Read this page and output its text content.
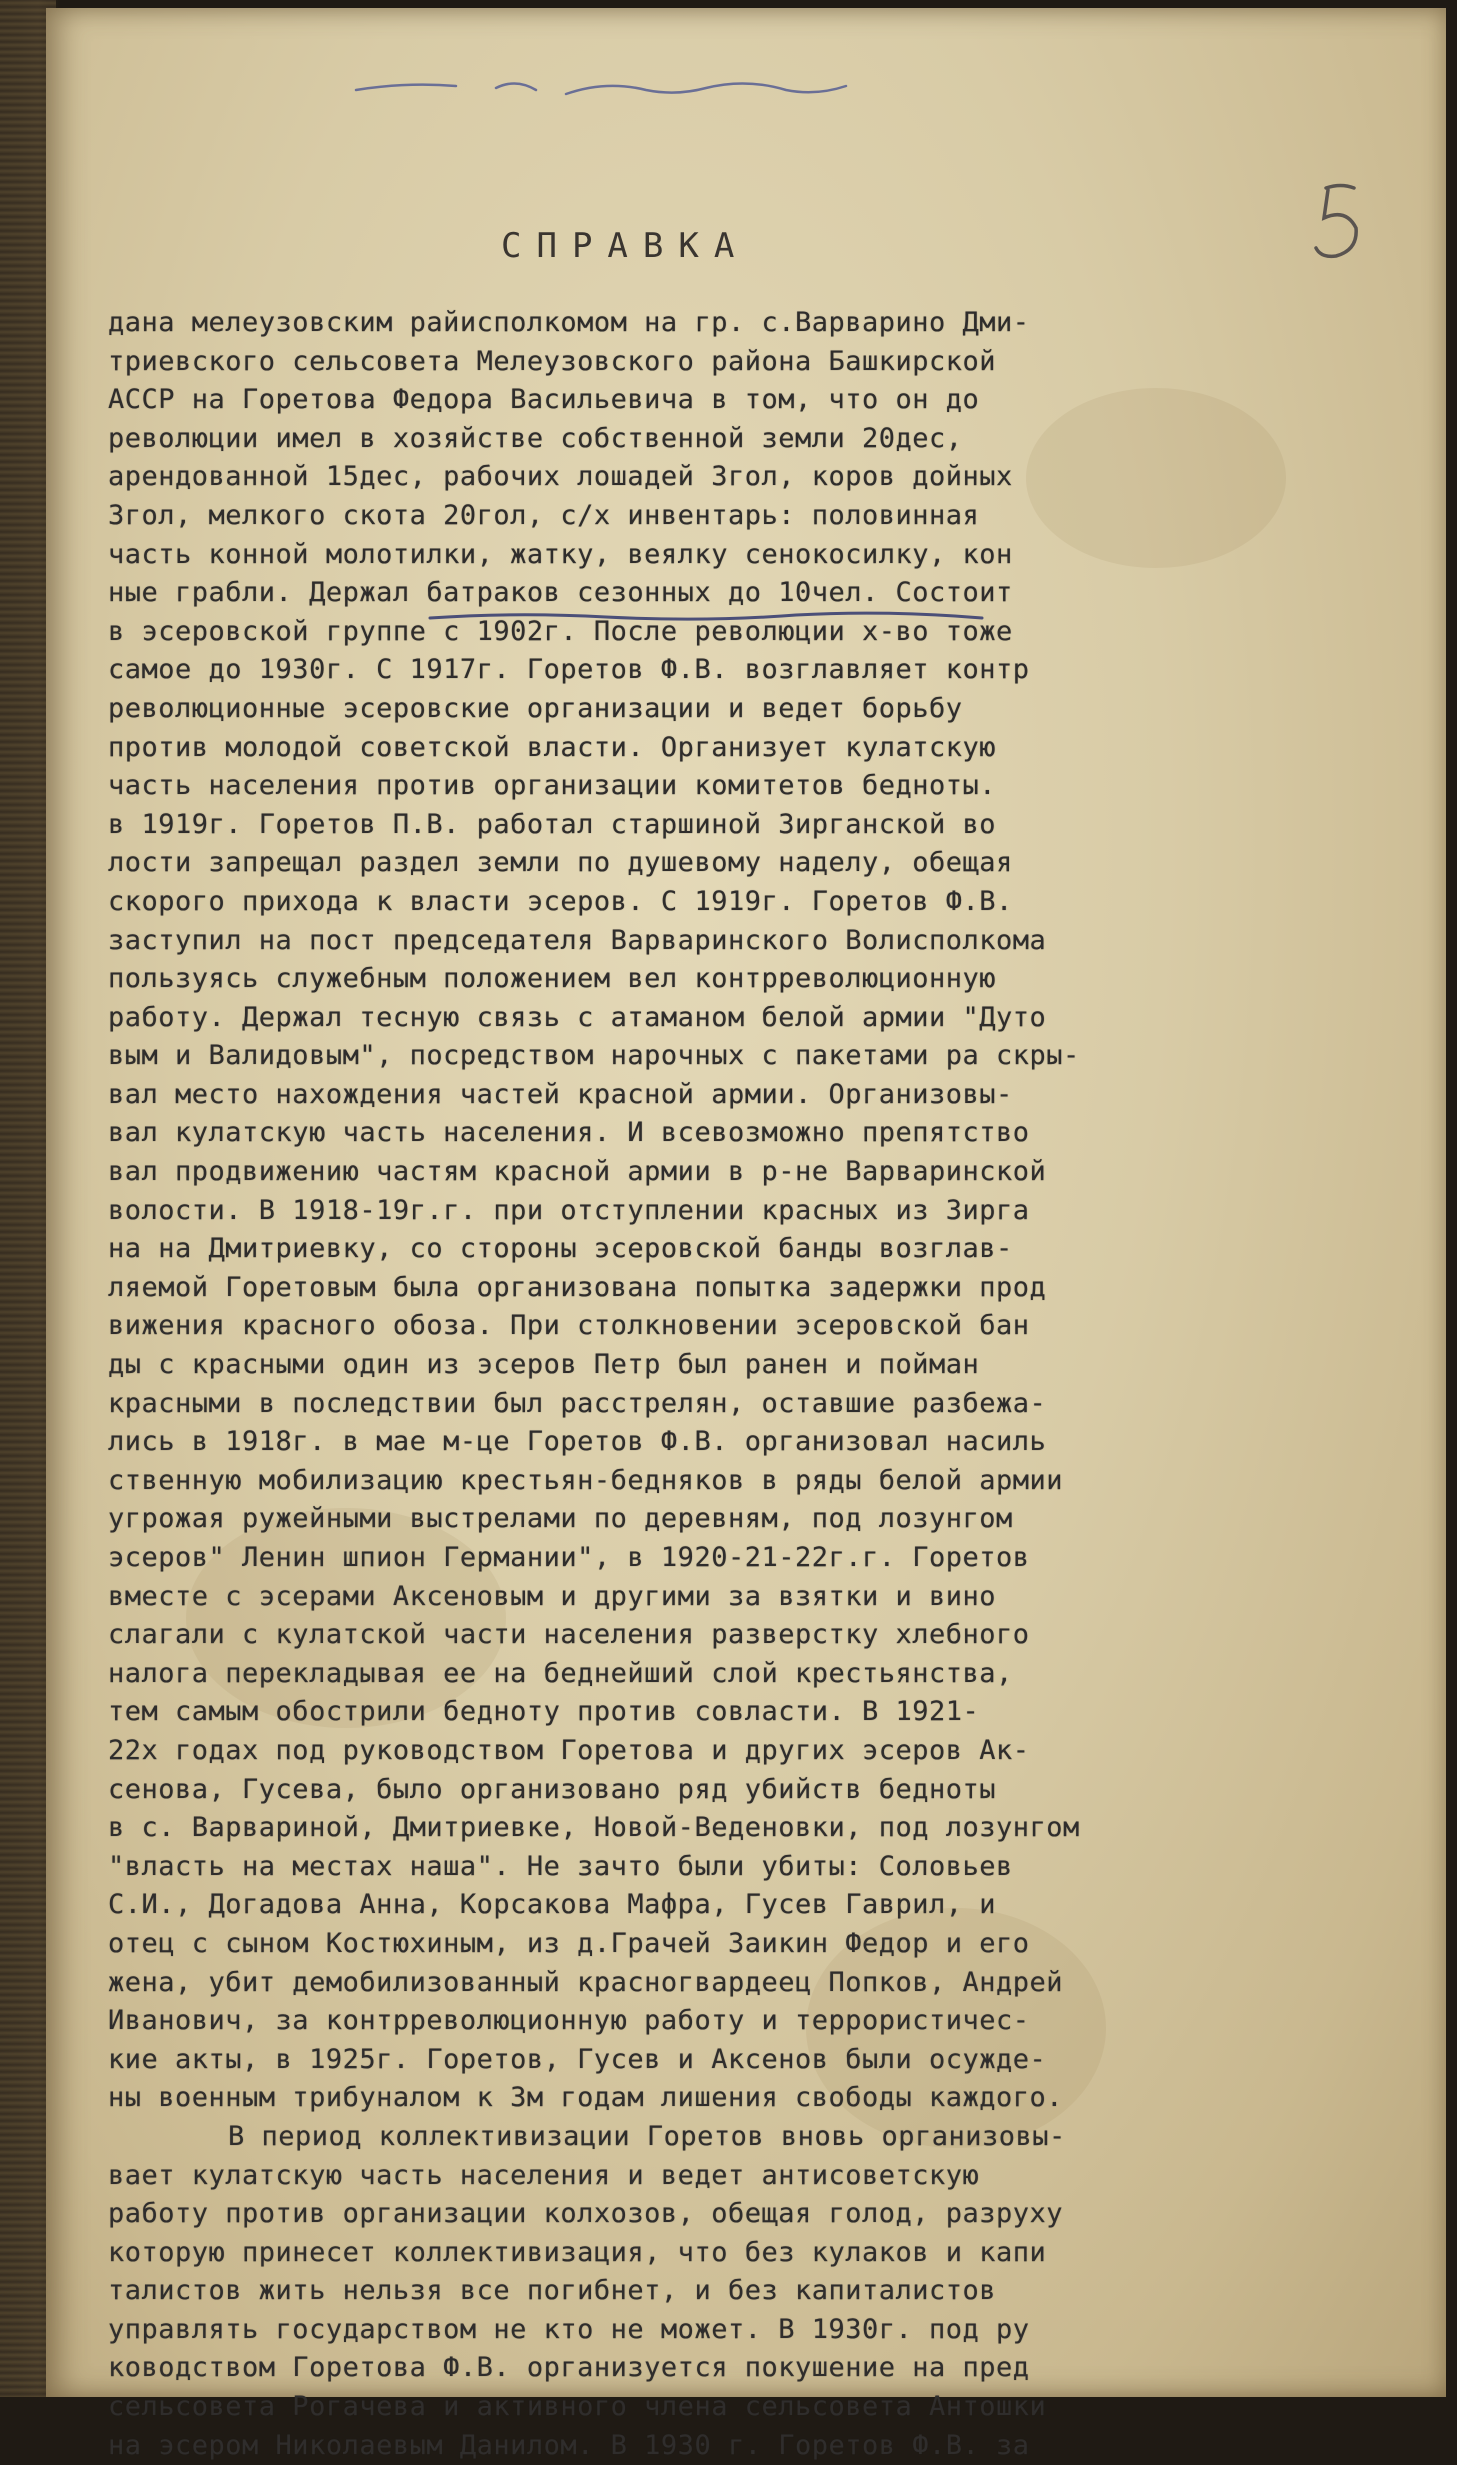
СПРАВКА
дана мелеузовским райисполкомом на гр. с.Варварино Дми-
триевского сельсовета Мелеузовского района Башкирской
АССР на Горетова Федора Васильевича в том, что он до
революции имел в хозяйстве собственной земли 20дес,
арендованной 15дес, рабочих лошадей 3гол, коров дойных
3гол, мелкого скота 20гол, с/х инвентарь: половинная
часть конной молотилки, жатку, веялку сенокосилку, кон
ные грабли. Держал батраков сезонных до 10чел. Состоит
в эсеровской группе с 1902г. После революции х-во тоже
самое до 1930г. С 1917г. Горетов Ф.В. возглавляет контр
революционные эсеровские организации и ведет борьбу
против молодой советской власти. Организует кулатскую
часть населения против организации комитетов бедноты.
в 1919г. Горетов П.В. работал старшиной Зирганской во
лости запрещал раздел земли по душевому наделу, обещая
скорого прихода к власти эсеров. С 1919г. Горетов Ф.В.
заступил на пост председателя Варваринского Волисполкома
пользуясь служебным положением вел контрреволюционную
работу. Держал тесную связь с атаманом белой армии "Дуто
вым и Валидовым", посредством нарочных с пакетами ра скры-
вал место нахождения частей красной армии. Организовы-
вал кулатскую часть населения. И всевозможно препятство
вал продвижению частям красной армии в р-не Варваринской
волости. В 1918-19г.г. при отступлении красных из Зирга
на на Дмитриевку, со стороны эсеровской банды возглав-
ляемой Горетовым была организована попытка задержки прод
вижения красного обоза. При столкновении эсеровской бан
ды с красными один из эсеров Петр был ранен и пойман
красными в последствии был расстрелян, оставшие разбежа-
лись в 1918г. в мае м-це Горетов Ф.В. организовал насиль
ственную мобилизацию крестьян-бедняков в ряды белой армии
угрожая ружейными выстрелами по деревням, под лозунгом
эсеров" Ленин шпион Германии", в 1920-21-22г.г. Горетов
вместе с эсерами Аксеновым и другими за взятки и вино
слагали с кулатской части населения разверстку хлебного
налога перекладывая ее на беднейший слой крестьянства,
тем самым обострили бедноту против совласти. В 1921-
22х годах под руководством Горетова и других эсеров Ак-
сенова, Гусева, было организовано ряд убийств бедноты
в с. Варвариной, Дмитриевке, Новой-Веденовки, под лозунгом
"власть на местах наша". Не зачто были убиты: Соловьев
С.И., Догадова Анна, Корсакова Мафра, Гусев Гаврил, и
отец с сыном Костюхиным, из д.Грачей Заикин Федор и его
жена, убит демобилизованный красногвардеец Попков, Андрей
Иванович, за контрреволюционную работу и террористичес-
кие акты, в 1925г. Горетов, Гусев и Аксенов были осужде-
ны военным трибуналом к 3м годам лишения свободы каждого.
В период коллективизации Горетов вновь организовы-
вает кулатскую часть населения и ведет антисоветскую
работу против организации колхозов, обещая голод, разруху
которую принесет коллективизация, что без кулаков и капи
талистов жить нельзя все погибнет, и без капиталистов
управлять государством не кто не может. В 1930г. под ру
ководством Горетова Ф.В. организуется покушение на пред
сельсовета Рогачева и активного члена сельсовета Антошки
на эсером Николаевым Данилом. В 1930 г. Горетов Ф.В. за
